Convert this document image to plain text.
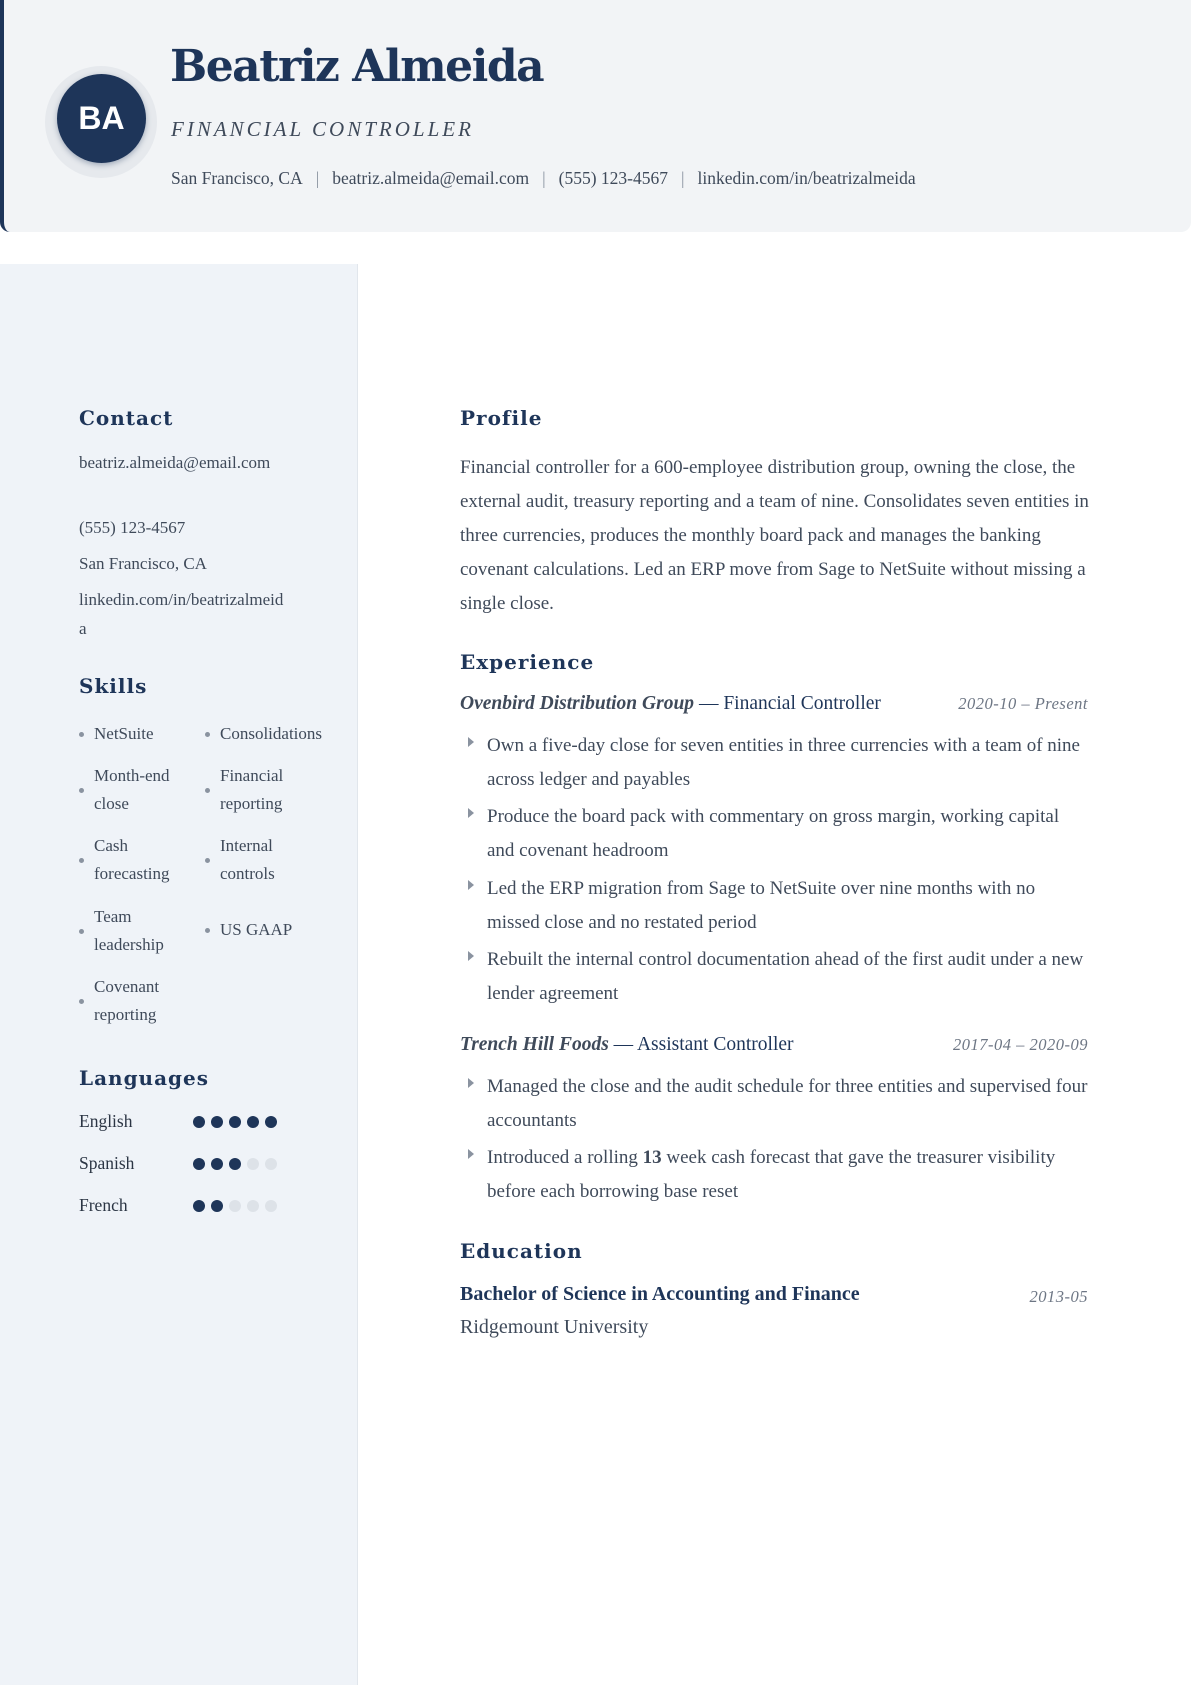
BA
Beatriz Almeida

FINANCIAL CONTROLLER

San Francisco, CA | beatriz.almeida@email.com | (555) 123-4567 | linkedin.com/in/beatrizalmeida

Contact

beatriz.almeida@email.com

(555) 123-4567

San Francisco, CA

linkedin.com/in/beatrizalmeida

Skills
NetSuite	Consolidations
Month-end close
Financial reporting
Cash forecasting
Internal controls
Team leadership
US GAAP
Covenant reporting
Languages

English

Spanish

French

Profile

Financial controller for a 600-employee distribution group, owning the close, the external audit, treasury reporting and a team of nine. Consolidates seven entities in three currencies, produces the monthly board pack and manages the banking covenant calculations. Led an ERP move from Sage to NetSuite without missing a single close.

Experience
Ovenbird Distribution Group — Financial Controller	2020-10 – Present
Own a five-day close for seven entities in three currencies with a team of nine across ledger and payables
Produce the board pack with commentary on gross margin, working capital and covenant headroom
Led the ERP migration from Sage to NetSuite over nine months with no missed close and no restated period
Rebuilt the internal control documentation ahead of the first audit under a new lender agreement
Trench Hill Foods — Assistant Controller	2017-04 – 2020-09
Managed the close and the audit schedule for three entities and supervised four accountants
Introduced a rolling 13 week cash forecast that gave the treasurer visibility before each borrowing base reset
Education

Bachelor of Science in Accounting and Finance	2013-05

Ridgemount University
